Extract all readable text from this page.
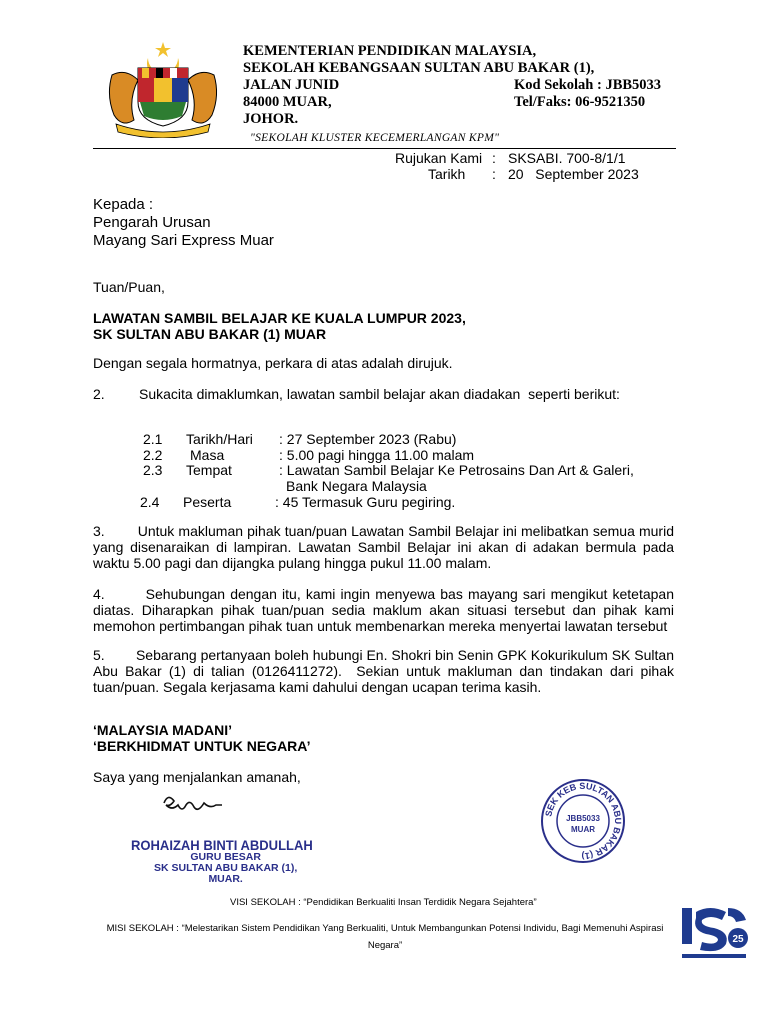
KEMENTERIAN PENDIDIKAN MALAYSIA,
SEKOLAH KEBANGSAAN SULTAN ABU BAKAR (1),
JALAN JUNID
84000 MUAR,
JOHOR.
Kod Sekolah : JBB5033
Tel/Faks: 06-9521350
"SEKOLAH KLUSTER KECEMERLANGAN KPM"
Rujukan Kami : SKSABI. 700-8/1/1
Tarikh	: 20   September 2023
Kepada :
Pengarah Urusan
Mayang Sari Express Muar
Tuan/Puan,
LAWATAN SAMBIL BELAJAR KE KUALA LUMPUR 2023,
SK SULTAN ABU BAKAR (1) MUAR
Dengan segala hormatnya, perkara di atas adalah dirujuk.
2. Sukacita dimaklumkan, lawatan sambil belajar akan diadakan  seperti berikut:
2.1 Tarikh/Hari : 27 September 2023 (Rabu)
2.2 Masa	: 5.00 pagi hingga 11.00 malam
2.3 Tempat	: Lawatan Sambil Belajar Ke Petrosains Dan Art & Galeri,
Bank Negara Malaysia
2.4 Peserta	: 45 Termasuk Guru pegiring.
3.        Untuk makluman pihak tuan/puan Lawatan Sambil Belajar ini melibatkan semua murid yang disenaraikan di lampiran. Lawatan Sambil Belajar ini akan di adakan bermula pada waktu 5.00 pagi dan dijangka pulang hingga pukul 11.00 malam.
4.        Sehubungan dengan itu, kami ingin menyewa bas mayang sari mengikut ketetapan diatas. Diharapkan pihak tuan/puan sedia maklum akan situasi tersebut dan pihak kami memohon pertimbangan pihak tuan untuk membenarkan mereka menyertai lawatan tersebut
5.        Sebarang pertanyaan boleh hubungi En. Shokri bin Senin GPK Kokurikulum SK Sultan Abu Bakar (1) di talian (0126411272).  Sekian untuk makluman dan tindakan dari pihak tuan/puan. Segala kerjasama kami dahului dengan ucapan terima kasih.
‘MALAYSIA MADANI’
‘BERKHIDMAT UNTUK NEGARA’
Saya yang menjalankan amanah,
ROHAIZAH BINTI ABDULLAH
GURU BESAR
SK SULTAN ABU BAKAR (1),
MUAR.
SEK KEB SULTAN ABU BAKAR (1)
JBB5033
MUAR
VISI SEKOLAH : “Pendidikan Berkualiti Insan Terdidik Negara Sejahtera”
MISI SEKOLAH : “Melestarikan Sistem Pendidikan Yang Berkualiti, Untuk Membangunkan Potensi Individu, Bagi Memenuhi Aspirasi Negara”
25
